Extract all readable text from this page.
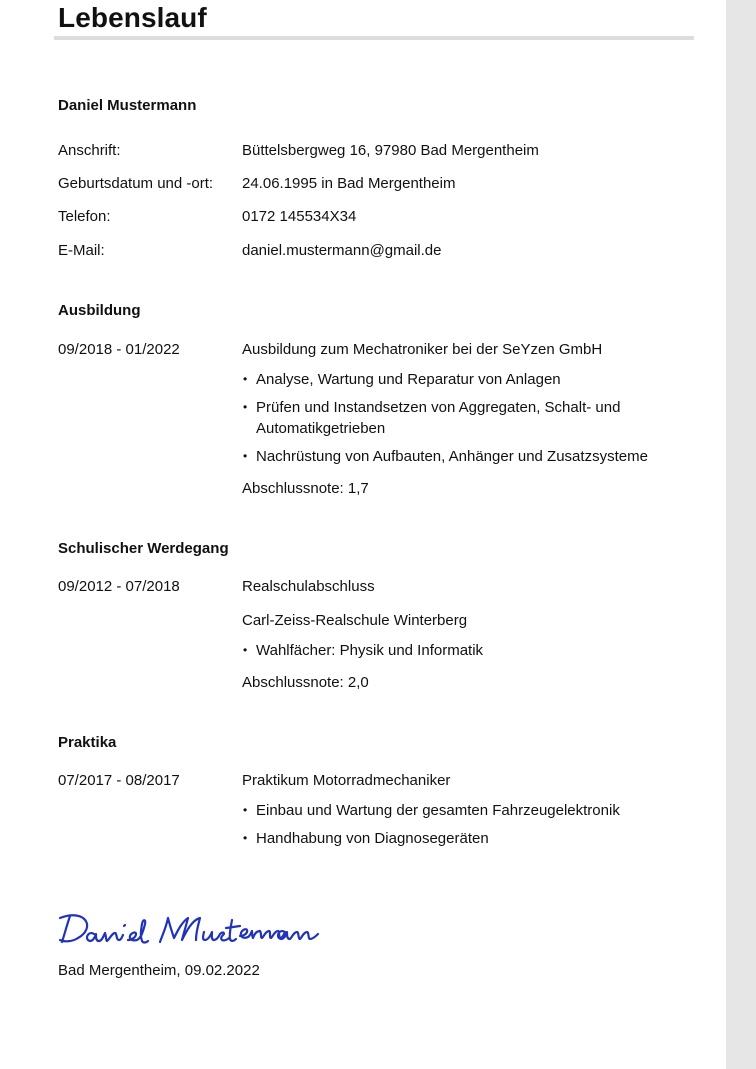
Lebenslauf
Daniel Mustermann
Anschrift:	Büttelsbergweg 16, 97980 Bad Mergentheim
Geburtsdatum und -ort: 24.06.1995 in Bad Mergentheim
Telefon:	0172 145534X34
E-Mail:	daniel.mustermann@gmail.de
Ausbildung
09/2018 - 01/2022	Ausbildung zum Mechatroniker bei der SeYzen GmbH
• Analyse, Wartung und Reparatur von Anlagen
• Prüfen und Instandsetzen von Aggregaten, Schalt- und Automatikgetrieben
• Nachrüstung von Aufbauten, Anhänger und Zusatzsysteme
Abschlussnote: 1,7
Schulischer Werdegang
09/2012 - 07/2018	Realschulabschluss
Carl-Zeiss-Realschule Winterberg
• Wahlfächer: Physik und Informatik
Abschlussnote: 2,0
Praktika
07/2017 - 08/2017	Praktikum Motorradmechaniker
• Einbau und Wartung der gesamten Fahrzeugelektronik
• Handhabung von Diagnosegeräten
Bad Mergentheim, 09.02.2022
